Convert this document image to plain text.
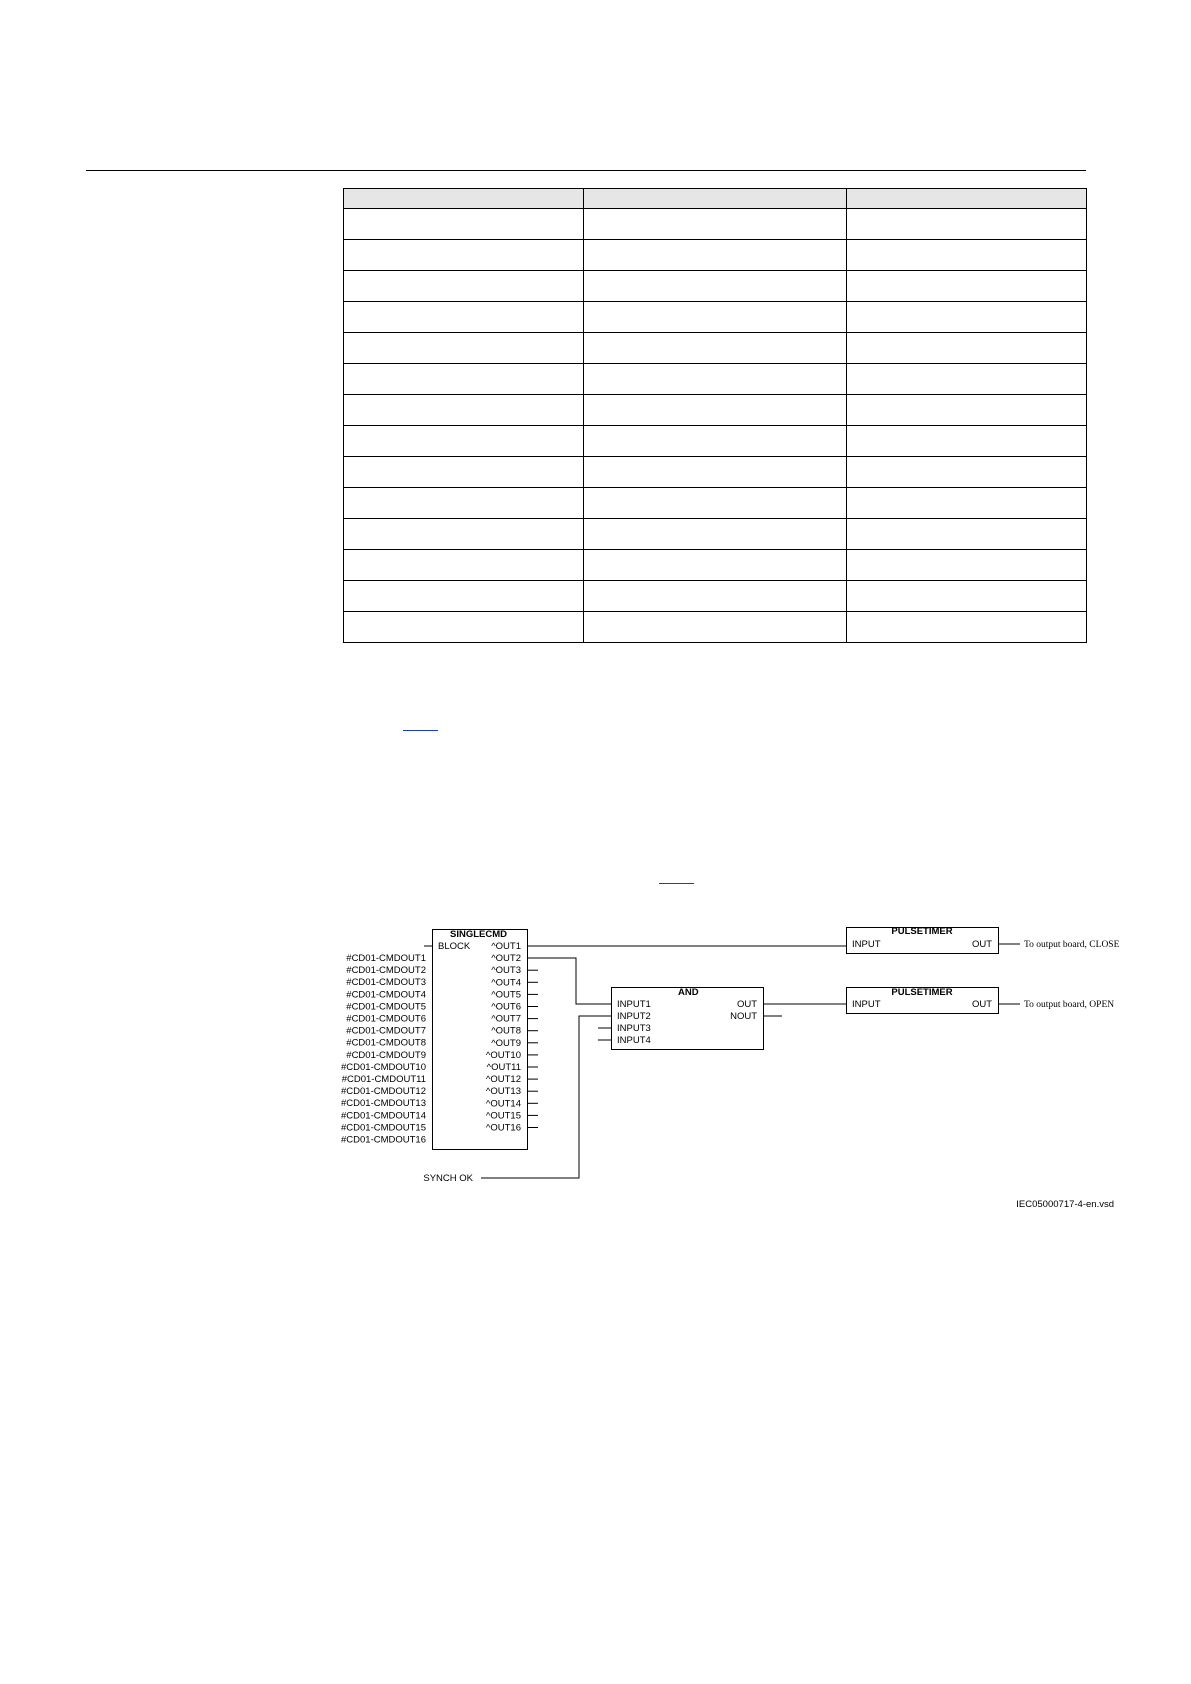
SINGLECMD
BLOCK
#CD01-CMDOUT1
#CD01-CMDOUT2
#CD01-CMDOUT3
#CD01-CMDOUT4
#CD01-CMDOUT5
#CD01-CMDOUT6
#CD01-CMDOUT7
#CD01-CMDOUT8
#CD01-CMDOUT9
#CD01-CMDOUT10
#CD01-CMDOUT11
#CD01-CMDOUT12
#CD01-CMDOUT13
#CD01-CMDOUT14
#CD01-CMDOUT15
#CD01-CMDOUT16
^OUT1
^OUT2
^OUT3
^OUT4
^OUT5
^OUT6
^OUT7
^OUT8
^OUT9
^OUT10
^OUT11
^OUT12
^OUT13
^OUT14
^OUT15
^OUT16
AND
INPUT1
INPUT2
INPUT3
INPUT4
OUT
NOUT
PULSETIMER
INPUT	OUT	To output board, CLOSE
PULSETIMER
INPUT	OUT	To output board, OPEN
SYNCH OK
IEC05000717-4-en.vsd
